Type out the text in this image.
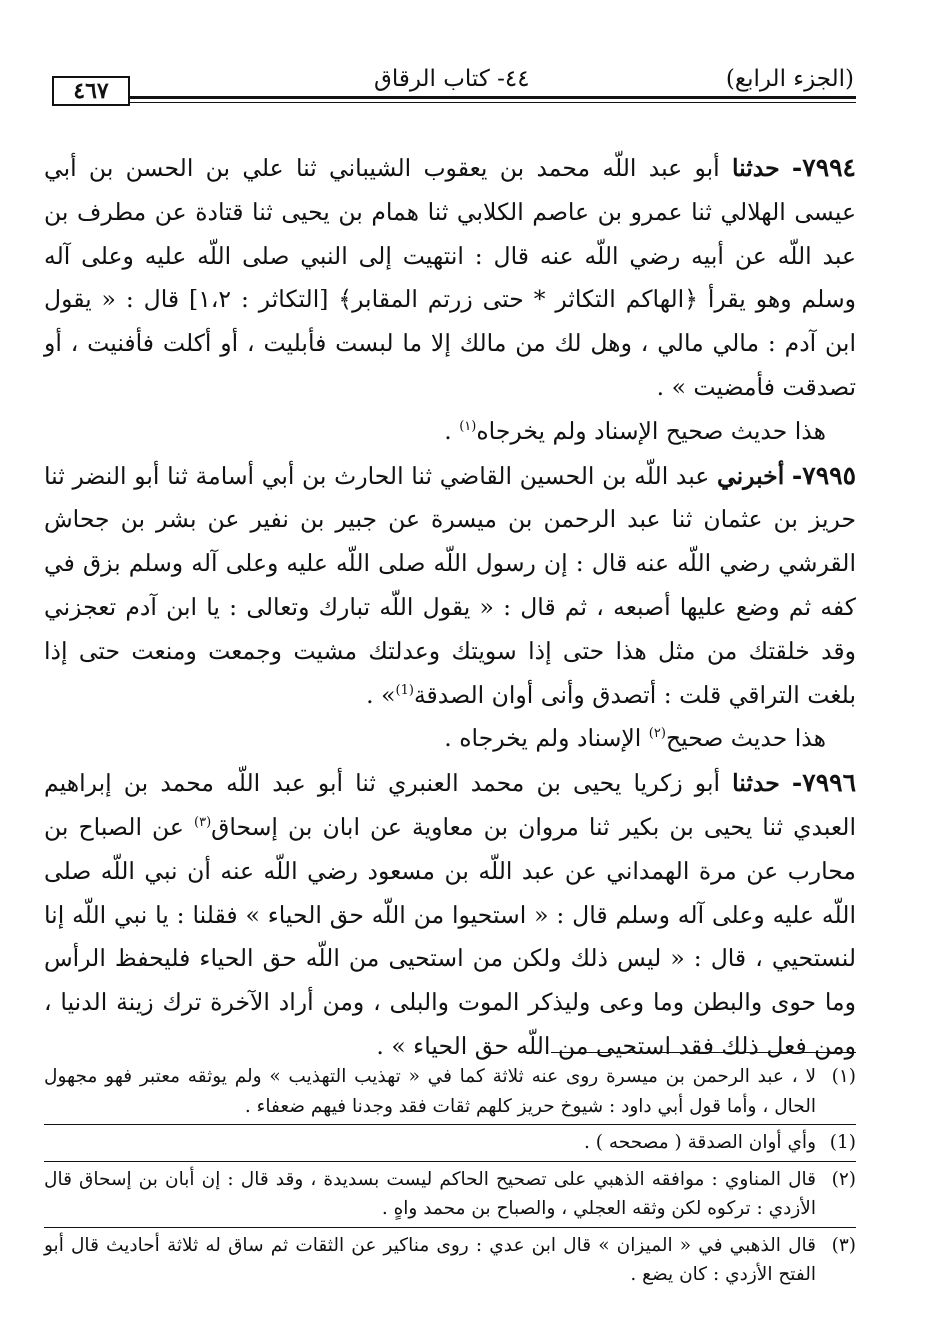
(الجزء الرابع)
٤٤- كتاب الرقاق
٤٦٧

٧٩٩٤- حدثنا أبو عبد اللّه محمد بن يعقوب الشيباني ثنا علي بن الحسن بن أبي عيسى الهلالي ثنا عمرو بن عاصم الكلابي ثنا همام بن يحيى ثنا قتادة عن مطرف بن عبد اللّه عن أبيه رضي اللّه عنه قال : انتهيت إلى النبي صلى اللّه عليه وعلى آله وسلم وهو يقرأ ﴿الهاكم التكاثر * حتى زرتم المقابر﴾ [التكاثر : ١،٢] قال : « يقول ابن آدم : مالي مالي ، وهل لك من مالك إلا ما لبست فأبليت ، أو أكلت فأفنيت ، أو تصدقت فأمضيت » .

هذا حديث صحيح الإسناد ولم يخرجاه$^{(١)}$ .

٧٩٩٥- أخبرني عبد اللّه بن الحسين القاضي ثنا الحارث بن أبي أسامة ثنا أبو النضر ثنا حريز بن عثمان ثنا عبد الرحمن بن ميسرة عن جبير بن نفير عن بشر بن جحاش القرشي رضي اللّه عنه قال : إن رسول اللّه صلى اللّه عليه وعلى آله وسلم بزق في كفه ثم وضع عليها أصبعه ، ثم قال : « يقول اللّه تبارك وتعالى : يا ابن آدم تعجزني وقد خلقتك من مثل هذا حتى إذا سويتك وعدلتك مشيت وجمعت ومنعت حتى إذا بلغت التراقي قلت : أتصدق وأنى أوان الصدقة$^{(1)}$» .

هذا حديث صحيح$^{(٢)}$ الإسناد ولم يخرجاه .

٧٩٩٦- حدثنا أبو زكريا يحيى بن محمد العنبري ثنا أبو عبد اللّه محمد بن إبراهيم العبدي ثنا يحيى بن بكير ثنا مروان بن معاوية عن ابان بن إسحاق$^{(٣)}$ عن الصباح بن محارب عن مرة الهمداني عن عبد اللّه بن مسعود رضي اللّه عنه أن نبي اللّه صلى اللّه عليه وعلى آله وسلم قال : « استحيوا من اللّه حق الحياء » فقلنا : يا نبي اللّه إنا لنستحيي ، قال : « ليس ذلك ولكن من استحيى من اللّه حق الحياء فليحفظ الرأس وما حوى والبطن وما وعى وليذكر الموت والبلى ، ومن أراد الآخرة ترك زينة الدنيا ، ومن فعل ذلك فقد استحيى من اللّه حق الحياء » .

(١)
لا ، عبد الرحمن بن ميسرة روى عنه ثلاثة كما في « تهذيب التهذيب » ولم يوثقه معتبر فهو مجهول الحال ، وأما قول أبي داود : شيوخ حريز كلهم ثقات فقد وجدنا فيهم ضعفاء .
(1)
وأي أوان الصدقة ( مصححه ) .
(٢)
قال المناوي : موافقه الذهبي على تصحيح الحاكم ليست بسديدة ، وقد قال : إن أبان بن إسحاق قال الأزدي : تركوه لكن وثقه العجلي ، والصباح بن محمد واهٍ .
(٣)
قال الذهبي في « الميزان » قال ابن عدي : روى مناكير عن الثقات ثم ساق له ثلاثة أحاديث قال أبو الفتح الأزدي : كان يضع .
